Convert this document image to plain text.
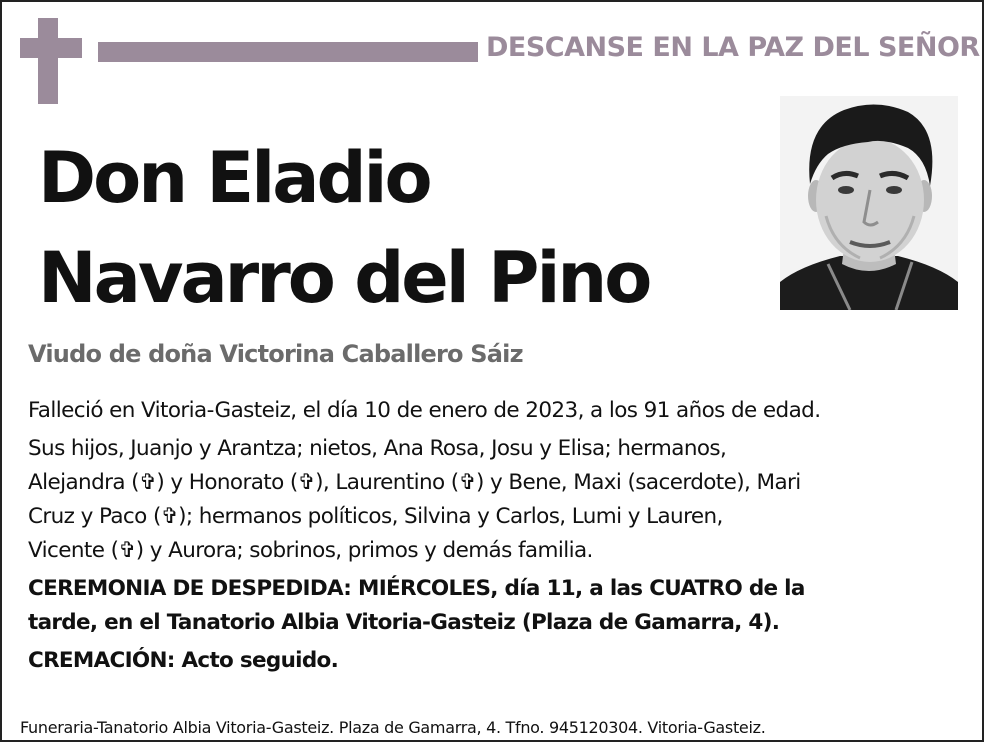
DESCANSE EN LA PAZ DEL SEÑOR
Don Eladio
Navarro del Pino
Viudo de doña Victorina Caballero Sáiz

Falleció en Vitoria-Gasteiz, el día 10 de enero de 2023, a los 91 años de edad.

Sus hijos, Juanjo y Arantza; nietos, Ana Rosa, Josu y Elisa; hermanos,

Alejandra (✞) y Honorato (✞), Laurentino (✞) y Bene, Maxi (sacerdote), Mari

Cruz y Paco (✞); hermanos políticos, Silvina y Carlos, Lumi y Lauren,

Vicente (✞) y Aurora; sobrinos, primos y demás familia.

CEREMONIA DE DESPEDIDA: MIÉRCOLES, día 11, a las CUATRO de la

tarde, en el Tanatorio Albia Vitoria-Gasteiz (Plaza de Gamarra, 4).

CREMACIÓN: Acto seguido.

Funeraria-Tanatorio Albia Vitoria-Gasteiz. Plaza de Gamarra, 4. Tfno. 945120304. Vitoria-Gasteiz.
